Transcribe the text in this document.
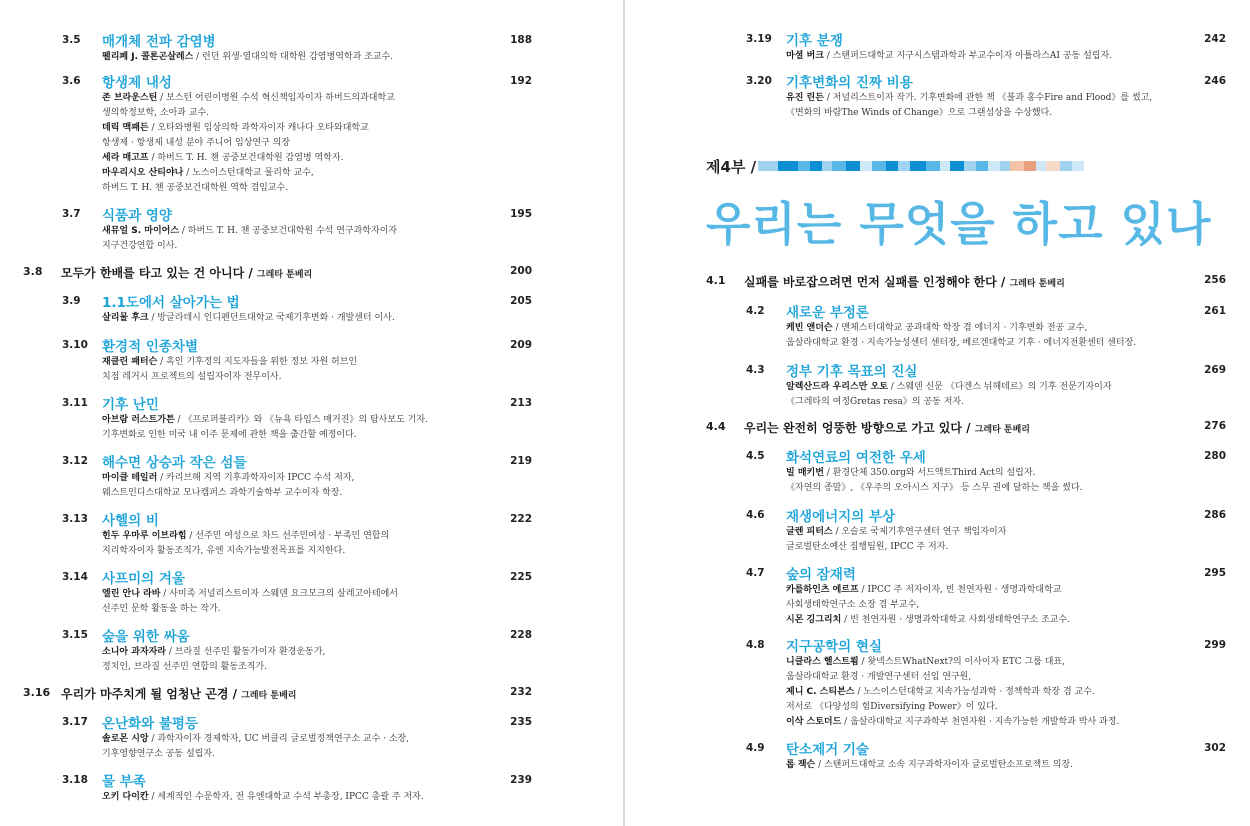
3.5 매개체 전파 감염병	188
펠리페 J. 콜론곤살레스 / 런던 위생·열대의학 대학원 감염병역학과 조교수.
3.6 항생제 내성	192
존 브라운스틴 / 보스턴 어린이병원 수석 혁신책임자이자 하버드의과대학교
생의학정보학, 소아과 교수.
데릭 맥패든 / 오타와병원 임상의학 과학자이자 캐나다 오타와대학교
항생제 · 항생제 내성 분야 주니어 임상연구 의장
세라 매고프 / 하버드 T. H. 챈 공중보건대학원 감염병 역학자.
마우리시오 산티야나 / 노스이스턴대학교 물리학 교수,
하버드 T. H. 챈 공중보건대학원 역학 겸임교수.
3.7 식품과 영양	195
새뮤얼 S. 마이어스 / 하버드 T. H. 챈 공중보건대학원 수석 연구과학자이자
지구건강연합 이사.
3.9 1.1도에서 살아가는 법	205
살리물 후크 / 방글라데시 인디펜던트대학교 국제기후변화 · 개발센터 이사.
3.10 환경적 인종차별	209
재클린 패터슨 / 흑인 기후정의 지도자들을 위한 정보 자원 허브인
치점 레거시 프로젝트의 설립자이자 전무이사.
3.11 기후 난민	213
아브람 러스트가튼 / 《프로퍼블리카》와 《뉴욕 타임스 매거진》의 탐사보도 기자.
기후변화로 인한 미국 내 이주 문제에 관한 책을 출간할 예정이다.
3.12 해수면 상승과 작은 섬들	219
마이클 테일러 / 카리브해 지역 기후과학자이자 IPCC 수석 저자,
웨스트인디스대학교 모나캠퍼스 과학기술학부 교수이자 학장.
3.13 사헬의 비	222
힌두 우마루 이브라힘 / 선주민 여성으로 차드 선주민여성 · 부족민 연합의
지리학자이자 활동조직가, 유엔 지속가능발전목표를 지지한다.
3.14 사프미의 겨울	225
엘린 안나 라바 / 사미족 저널리스트이자 스웨덴 요크모크의 살레고아테에서
선주민 문학 활동을 하는 작가.
3.15 숲을 위한 싸움	228
소니아 과자자라 / 브라질 선주민 활동가이자 환경운동가,
정치인, 브라질 선주민 연합의 활동조직가.
3.17 온난화와 불평등	235
솔로몬 시앙 / 과학자이자 경제학자, UC 버클리 글로벌정책연구소 교수 · 소장,
기후영향연구소 공동 설립자.
3.18 물 부족	239
오키 다이칸 / 세계적인 수문학자, 전 유엔대학교 수석 부총장, IPCC 총괄 주 저자.
3.8 모두가 한배를 타고 있는 건 아니다 / 그레타 툰베리	200
3.16 우리가 마주치게 될 엄청난 곤경 / 그레타 툰베리	232
제4부 /
우리는 무엇을 하고 있나
3.19 기후 분쟁	242
마셜 버크 / 스탠퍼드대학교 지구시스템과학과 부교수이자 아틀라스AI 공동 설립자.
3.20 기후변화의 진짜 비용	246
유진 린든 / 저널리스트이자 작가. 기후변화에 관한 책 《불과 홍수Fire and Flood》를 썼고,
《변화의 바람The Winds of Change》으로 그랜섬상을 수상했다.
4.2 새로운 부정론	261
케빈 앤더슨 / 맨체스터대학교 공과대학 학장 겸 에너지 · 기후변화 전공 교수,
웁살라대학교 환경 · 지속가능성센터 센터장, 베르겐대학교 기후 · 에너지전환센터 센터장.
4.3 정부 기후 목표의 진실	269
알렉산드라 우리스만 오토 / 스웨덴 신문 《다겐스 뉘헤테르》의 기후 전문기자이자
《그레타의 여정Gretas resa》의 공동 저자.
4.5 화석연료의 여전한 우세	280
빌 매키번 / 환경단체 350.org와 서드액트Third Act의 설립자.
《자연의 종말》, 《우주의 오아시스 지구》 등 스무 권에 달하는 책을 썼다.
4.6 재생에너지의 부상	286
글렌 피터스 / 오슬로 국제기후연구센터 연구 책임자이자
글로벌탄소예산 집행팀원, IPCC 주 저자.
4.7 숲의 잠재력	295
카를하인츠 에르프 / IPCC 주 저자이자, 빈 천연자원 · 생명과학대학교
사회생태학연구소 소장 겸 부교수,
시몬 깅그리치 / 빈 천연자원 · 생명과학대학교 사회생태학연구소 조교수.
4.8 지구공학의 현실	299
니클라스 헬스트룀 / 왓넥스트WhatNext?의 이사이자 ETC 그룹 대표,
웁살라대학교 환경 · 개발연구센터 선임 연구원,
제니 C. 스티븐스 / 노스이스턴대학교 지속가능성과학 · 정책학과 학장 겸 교수.
저서로 《다양성의 힘Diversifying Power》이 있다.
이삭 스토더드 / 웁살라대학교 지구과학부 천연자원 · 지속가능한 개발학과 박사 과정.
4.9 탄소제거 기술	302
롭 잭슨 / 스탠퍼드대학교 소속 지구과학자이자 글로벌탄소프로젝트 의장.
4.1 실패를 바로잡으려면 먼저 실패를 인정해야 한다 / 그레타 툰베리	256
4.4 우리는 완전히 엉뚱한 방향으로 가고 있다 / 그레타 툰베리	276
